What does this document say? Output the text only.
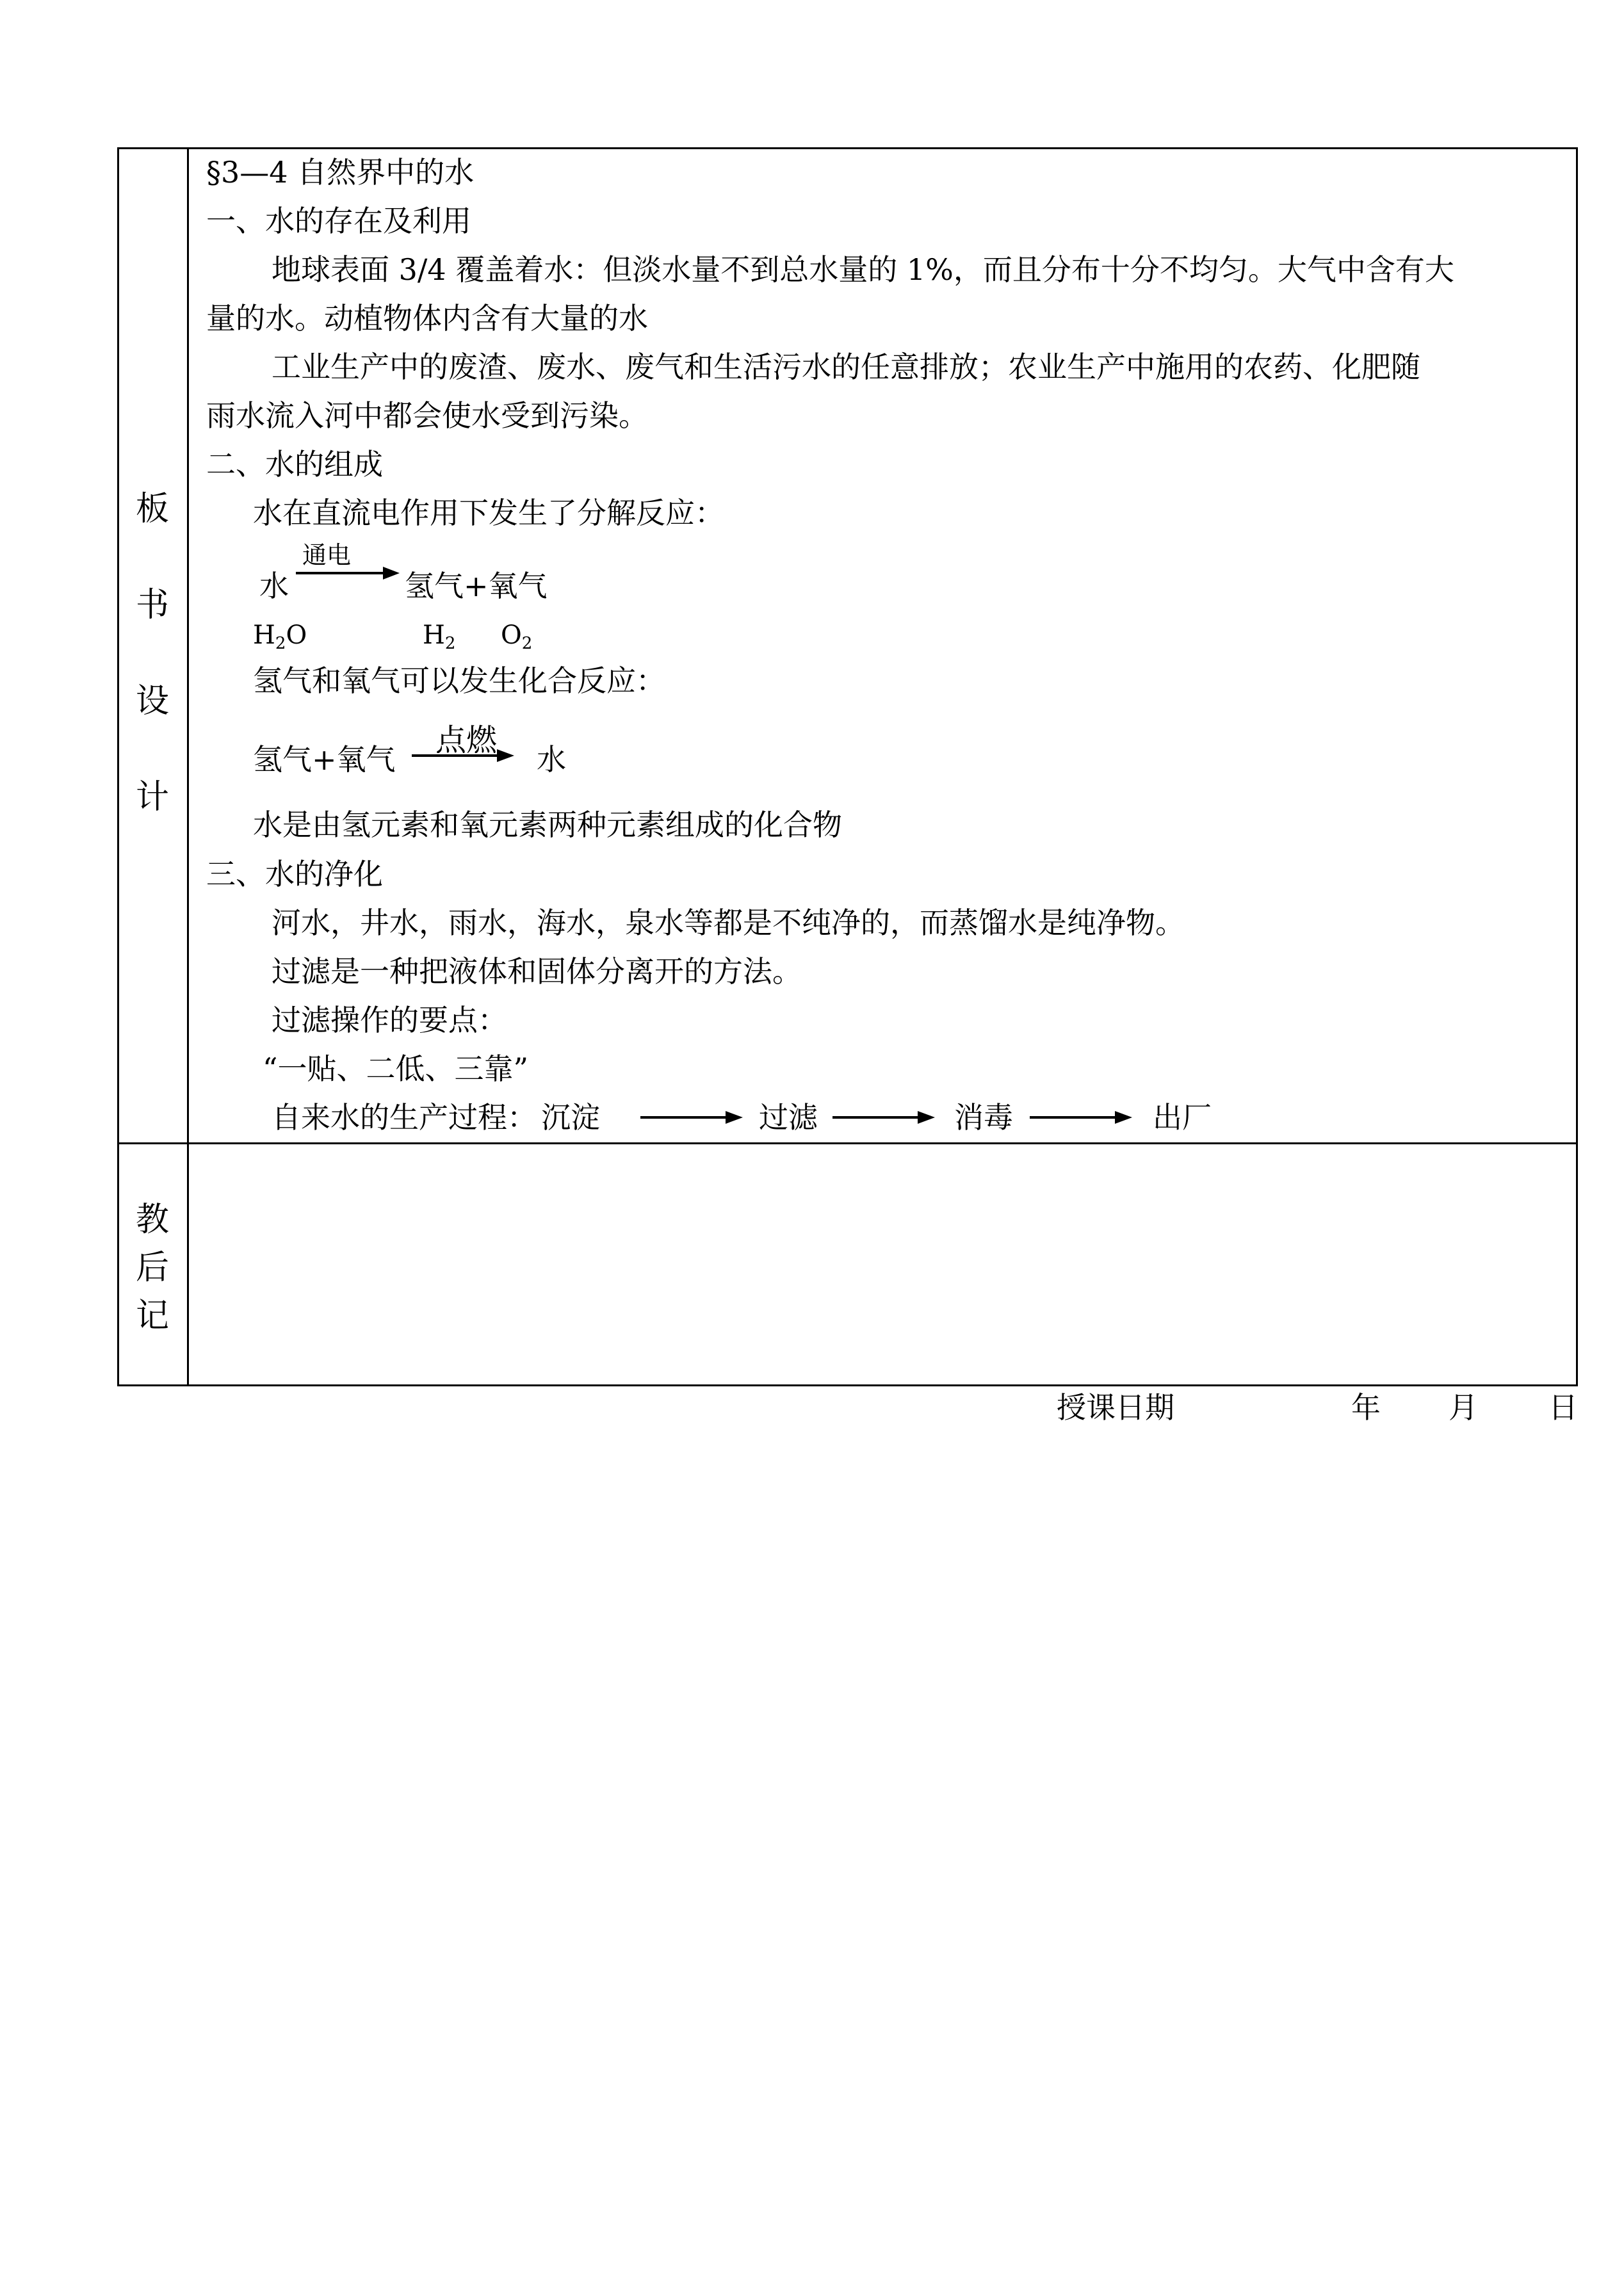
板
书
设
计
教
后
记
§3—4 自然界中的水
一、水的存在及利用
地球表面 3/4 覆盖着水：但淡水量不到总水量的 1%，而且分布十分不均匀。大气中含有大
量的水。动植物体内含有大量的水
工业生产中的废渣、废水、废气和生活污水的任意排放；农业生产中施用的农药、化肥随
雨水流入河中都会使水受到污染。
二、水的组成
水在直流电作用下发生了分解反应：
水
通电
氢气+氧气
$H_2O$	$H_2$ $O_2$
氢气和氧气可以发生化合反应：
氢气+氧气
点燃
水
水是由氢元素和氧元素两种元素组成的化合物
三、水的净化
河水，井水，雨水，海水，泉水等都是不纯净的，而蒸馏水是纯净物。
过滤是一种把液体和固体分离开的方法。
过滤操作的要点：
“一贴、二低、三靠”
自来水的生产过程： 沉淀	过滤	消毒	出厂
授课日期	年 月 日
